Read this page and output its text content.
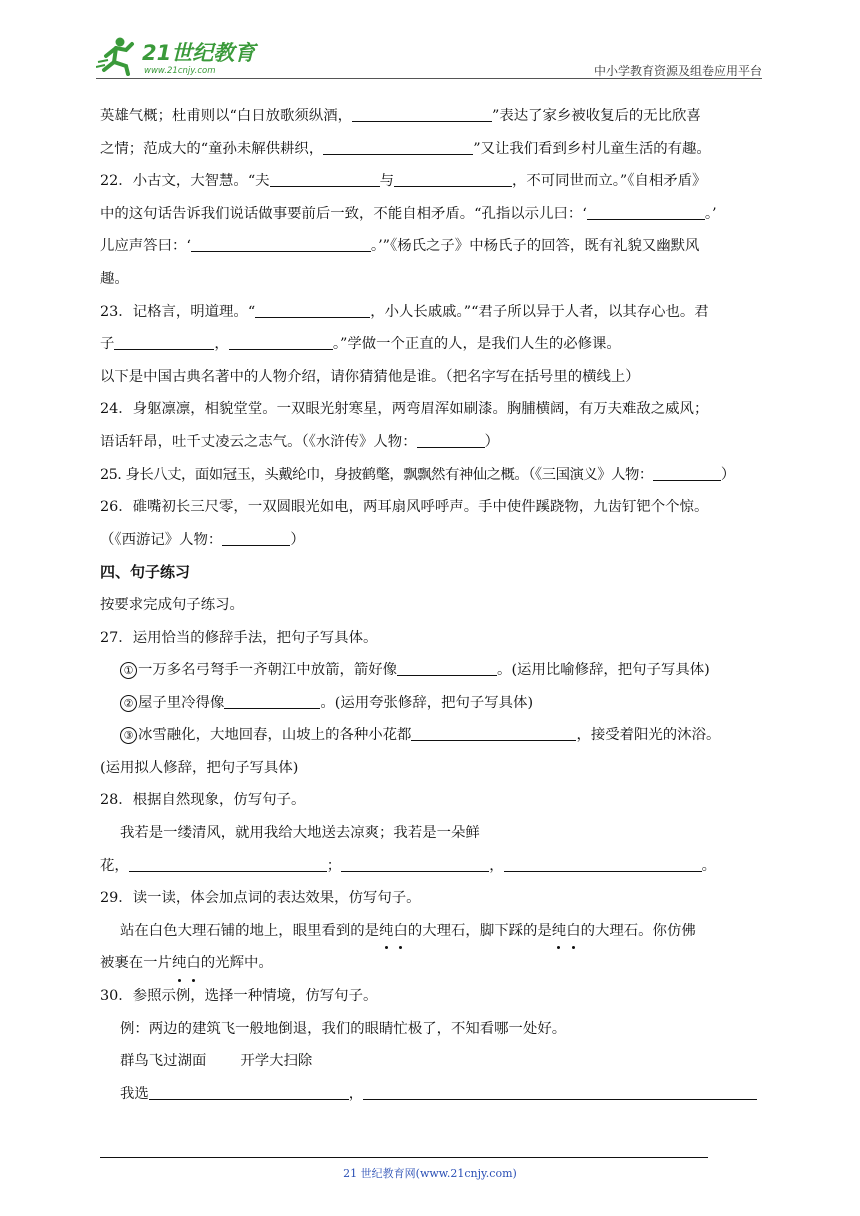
21世纪教育
www.21cnjy.com	中小学教育资源及组卷应用平台
英雄气概；杜甫则以“白日放歌须纵酒，	”表达了家乡被收复后的无比欣喜
之情；范成大的“童孙未解供耕织，	”又让我们看到乡村儿童生活的有趣。
22．小古文，大智慧。“夫	与	，不可同世而立。”《自相矛盾》
中的这句话告诉我们说话做事要前后一致，不能自相矛盾。“孔指以示儿曰：‘	。’
儿应声答曰：‘	。’”《杨氏之子》中杨氏子的回答，既有礼貌又幽默风
趣。
23．记格言，明道理。“	，小人长戚戚。”“君子所以异于人者，以其存心也。君
子	，	。”学做一个正直的人，是我们人生的必修课。
以下是中国古典名著中的人物介绍，请你猜猜他是谁。（把名字写在括号里的横线上）
24．身躯凛凛，相貌堂堂。一双眼光射寒星，两弯眉浑如刷漆。胸脯横阔，有万夫难敌之威风；
语话轩昂，吐千丈凌云之志气。（《水浒传》人物：	）
25. 身长八丈，面如冠玉，头戴纶巾，身披鹤氅，飘飘然有神仙之概。（《三国演义》人物：	）
26．碓嘴初长三尺零，一双圆眼光如电，两耳扇风呼呼声。手中使件蹊跷物，九齿钉钯个个惊。
（《西游记》人物：	）
四、句子练习
按要求完成句子练习。
27．运用恰当的修辞手法，把句子写具体。
① 一万多名弓弩手一齐朝江中放箭，箭好像	。(运用比喻修辞，把句子写具体)
② 屋子里冷得像	。(运用夸张修辞，把句子写具体)
③ 冰雪融化，大地回春，山坡上的各种小花都	，接受着阳光的沐浴。
(运用拟人修辞，把句子写具体)
28．根据自然现象，仿写句子。
我若是一缕清风，就用我给大地送去凉爽；我若是一朵鲜
花，	；	，	。
29．读一读，体会加点词的表达效果，仿写句子。
站在白色大理石铺的地上，眼里看到的是纯白的大理石，脚下踩的是纯白的大理石。你仿佛
被裹在一片纯白的光辉中。
30．参照示例，选择一种情境，仿写句子。
例：两边的建筑飞一般地倒退，我们的眼睛忙极了，不知看哪一处好。
群鸟飞过湖面 开学大扫除
我选	，
21 世纪教育网(www.21cnjy.com)
